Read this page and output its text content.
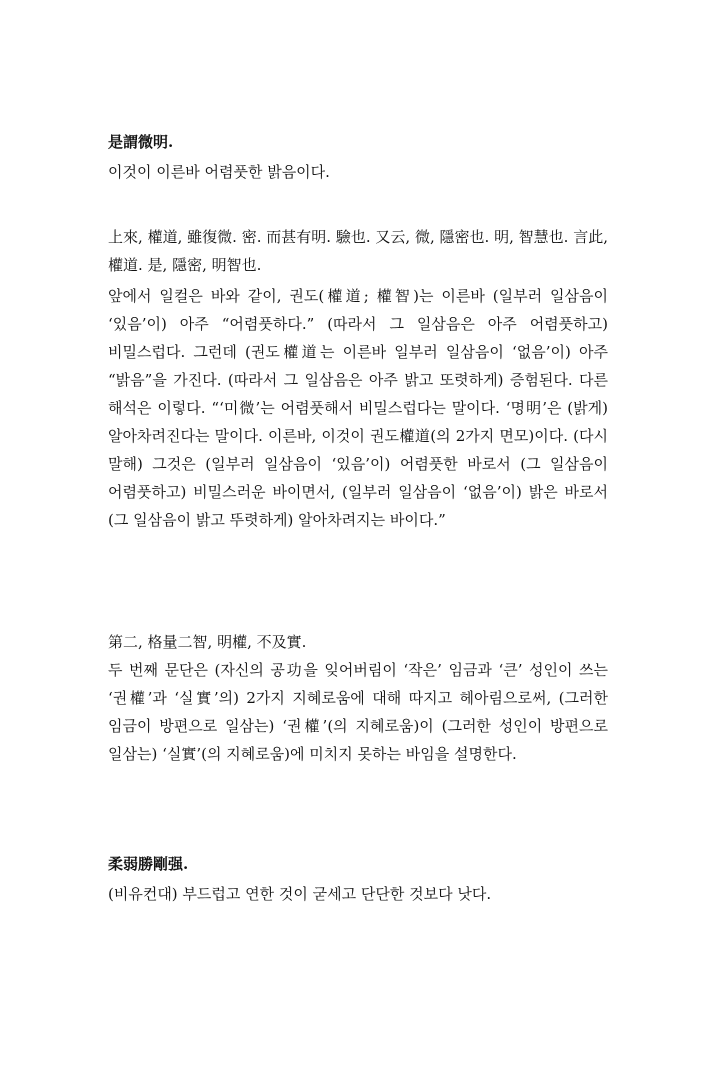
是謂微明.

이것이 이른바 어렴풋한 밝음이다.

上來, 權道, 雖復微. 密. 而甚有明. 驗也. 又云, 微, 隱密也. 明, 智慧也. 言此, 權道. 是, 隱密, 明智也.

앞에서 일컬은 바와 같이, 권도(權道; 權智)는 이른바 (일부러 일삼음이 ‘있음’이) 아주 “어렴풋하다.” (따라서 그 일삼음은 아주 어렴풋하고) 비밀스럽다. 그런데 (권도權道는 이른바 일부러 일삼음이 ‘없음’이) 아주 “밝음”을 가진다. (따라서 그 일삼음은 아주 밝고 또렷하게) 증험된다. 다른 해석은 이렇다. “‘미微’는 어렴풋해서 비밀스럽다는 말이다. ‘명明’은 (밝게) 알아차려진다는 말이다. 이른바, 이것이 권도權道(의 2가지 면모)이다. (다시 말해) 그것은 (일부러 일삼음이 ‘있음’이) 어렴풋한 바로서 (그 일삼음이 어렴풋하고) 비밀스러운 바이면서, (일부러 일삼음이 ‘없음’이) 밝은 바로서 (그 일삼음이 밝고 뚜렷하게) 알아차려지는 바이다.”

第二, 格量二智, 明權, 不及實.

두 번째 문단은 (자신의 공功을 잊어버림이 ‘작은’ 임금과 ‘큰’ 성인이 쓰는 ‘권權’과 ‘실實’의) 2가지 지혜로움에 대해 따지고 헤아림으로써, (그러한 임금이 방편으로 일삼는) ‘권權’(의 지혜로움)이 (그러한 성인이 방편으로 일삼는) ‘실實’(의 지혜로움)에 미치지 못하는 바임을 설명한다.

柔弱勝剛强.

(비유컨대) 부드럽고 연한 것이 굳세고 단단한 것보다 낫다.
